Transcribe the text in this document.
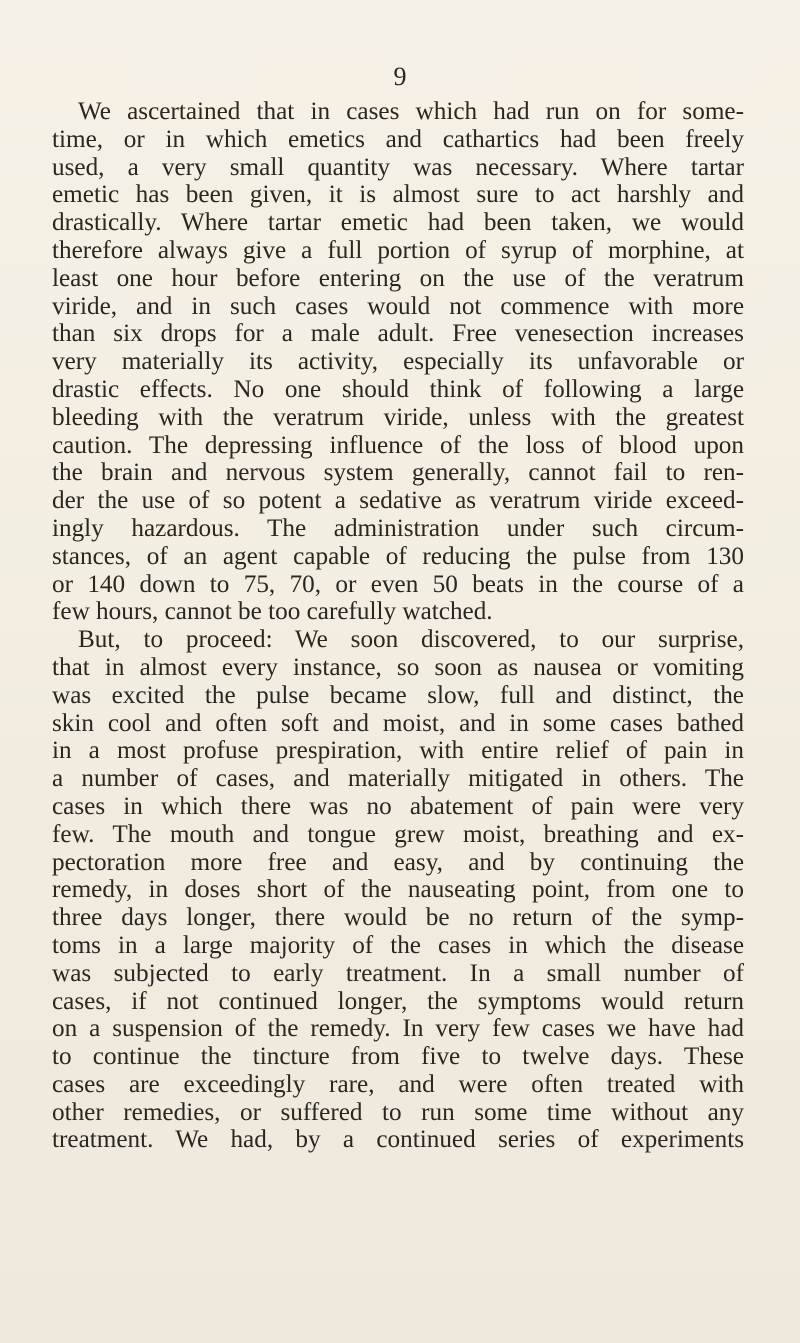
9
We ascertained that in cases which had run on for some-
time, or in which emetics and cathartics had been freely
used, a very small quantity was necessary. Where tartar
emetic has been given, it is almost sure to act harshly and
drastically. Where tartar emetic had been taken, we would
therefore always give a full portion of syrup of morphine, at
least one hour before entering on the use of the veratrum
viride, and in such cases would not commence with more
than six drops for a male adult. Free venesection increases
very materially its activity, especially its unfavorable or
drastic effects. No one should think of following a large
bleeding with the veratrum viride, unless with the greatest
caution. The depressing influence of the loss of blood upon
the brain and nervous system generally, cannot fail to ren-
der the use of so potent a sedative as veratrum viride exceed-
ingly hazardous. The administration under such circum-
stances, of an agent capable of reducing the pulse from 130
or 140 down to 75, 70, or even 50 beats in the course of a
few hours, cannot be too carefully watched.
But, to proceed: We soon discovered, to our surprise,
that in almost every instance, so soon as nausea or vomiting
was excited the pulse became slow, full and distinct, the
skin cool and often soft and moist, and in some cases bathed
in a most profuse prespiration, with entire relief of pain in
a number of cases, and materially mitigated in others. The
cases in which there was no abatement of pain were very
few. The mouth and tongue grew moist, breathing and ex-
pectoration more free and easy, and by continuing the
remedy, in doses short of the nauseating point, from one to
three days longer, there would be no return of the symp-
toms in a large majority of the cases in which the disease
was subjected to early treatment. In a small number of
cases, if not continued longer, the symptoms would return
on a suspension of the remedy. In very few cases we have had
to continue the tincture from five to twelve days. These
cases are exceedingly rare, and were often treated with
other remedies, or suffered to run some time without any
treatment. We had, by a continued series of experiments
